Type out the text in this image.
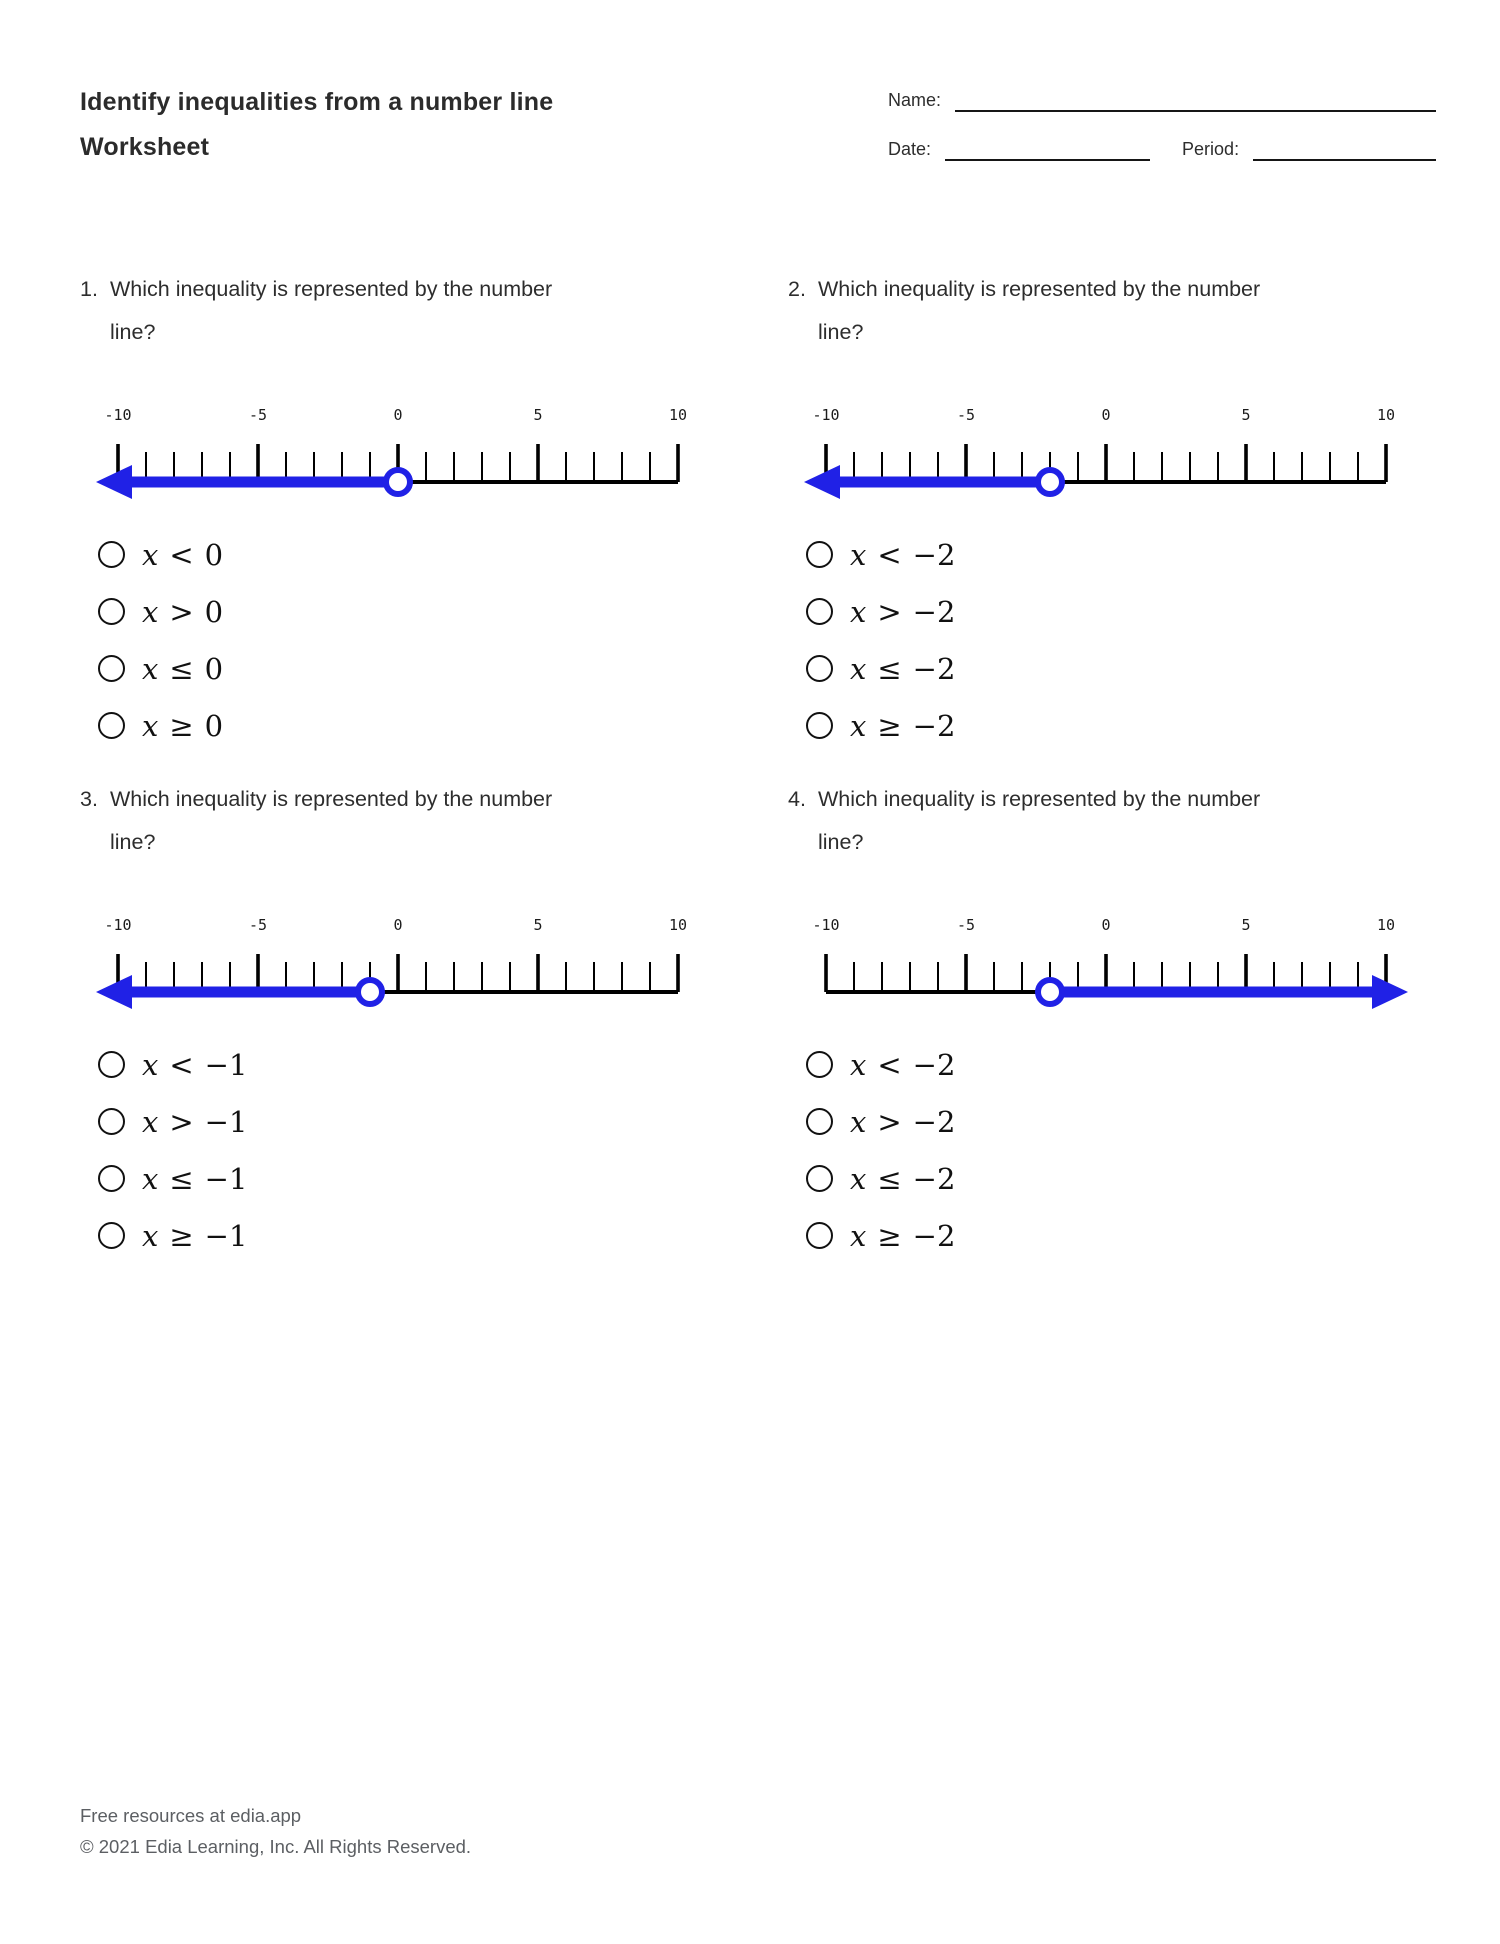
Identify inequalities from a number line
Worksheet
Name:
Date:	Period:
1. Which inequality is represented by the number
line?
-10	-5	0	5	10
x < 0
x > 0
x ≤ 0
x ≥ 0
2. Which inequality is represented by the number
line?
-10	-5	0	5	10
x < −2
x > −2
x ≤ −2
x ≥ −2
3. Which inequality is represented by the number
line?
-10	-5	0	5	10
x < −1
x > −1
x ≤ −1
x ≥ −1
4. Which inequality is represented by the number
line?
-10	-5	0	5	10
x < −2
x > −2
x ≤ −2
x ≥ −2
Free resources at edia.app
© 2021 Edia Learning, Inc. All Rights Reserved.
